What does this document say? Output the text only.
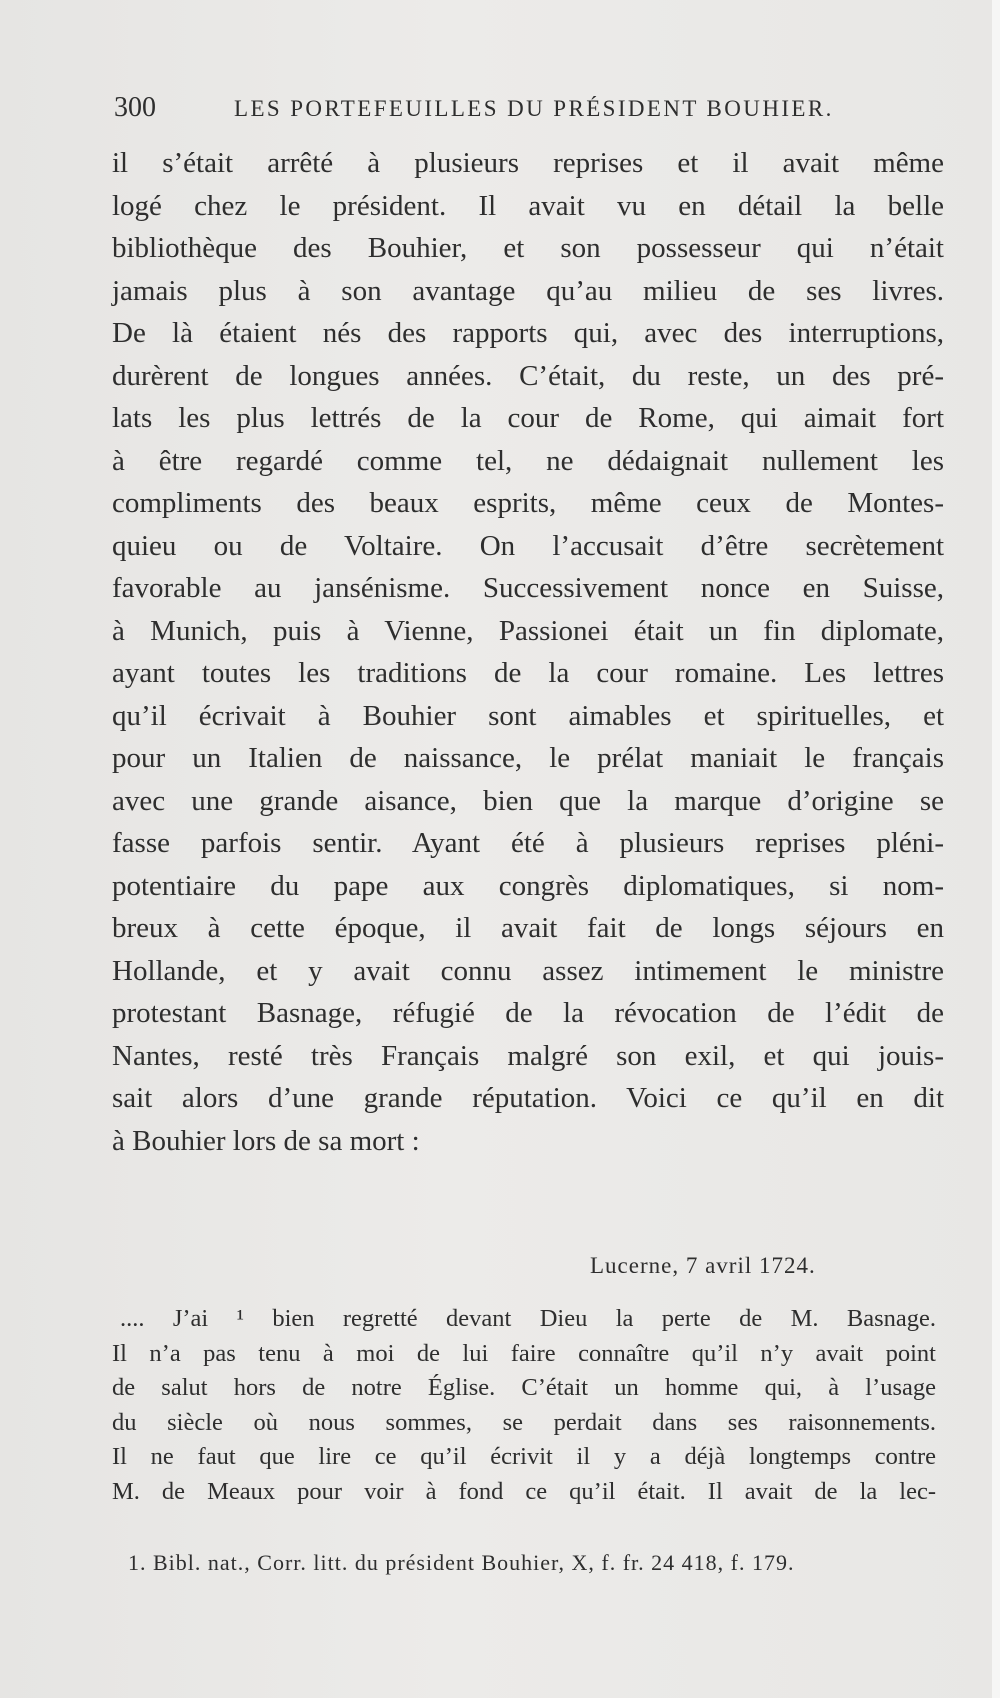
300	LES PORTEFEUILLES DU PRÉSIDENT BOUHIER.
il s’était arrêté à plusieurs reprises et il avait même
logé chez le président. Il avait vu en détail la belle
bibliothèque des Bouhier, et son possesseur qui n’était
jamais plus à son avantage qu’au milieu de ses livres.
De là étaient nés des rapports qui, avec des interruptions,
durèrent de longues années. C’était, du reste, un des pré-
lats les plus lettrés de la cour de Rome, qui aimait fort
à être regardé comme tel, ne dédaignait nullement les
compliments des beaux esprits, même ceux de Montes-
quieu ou de Voltaire. On l’accusait d’être secrètement
favorable au jansénisme. Successivement nonce en Suisse,
à Munich, puis à Vienne, Passionei était un fin diplomate,
ayant toutes les traditions de la cour romaine. Les lettres
qu’il écrivait à Bouhier sont aimables et spirituelles, et
pour un Italien de naissance, le prélat maniait le français
avec une grande aisance, bien que la marque d’origine se
fasse parfois sentir. Ayant été à plusieurs reprises pléni-
potentiaire du pape aux congrès diplomatiques, si nom-
breux à cette époque, il avait fait de longs séjours en
Hollande, et y avait connu assez intimement le ministre
protestant Basnage, réfugié de la révocation de l’édit de
Nantes, resté très Français malgré son exil, et qui jouis-
sait alors d’une grande réputation. Voici ce qu’il en dit
à Bouhier lors de sa mort :
Lucerne, 7 avril 1724.
.... J’ai ¹ bien regretté devant Dieu la perte de M. Basnage.
Il n’a pas tenu à moi de lui faire connaître qu’il n’y avait point
de salut hors de notre Église. C’était un homme qui, à l’usage
du siècle où nous sommes, se perdait dans ses raisonnements.
Il ne faut que lire ce qu’il écrivit il y a déjà longtemps contre
M. de Meaux pour voir à fond ce qu’il était. Il avait de la lec-
1. Bibl. nat., Corr. litt. du président Bouhier, X, f. fr. 24 418, f. 179.
